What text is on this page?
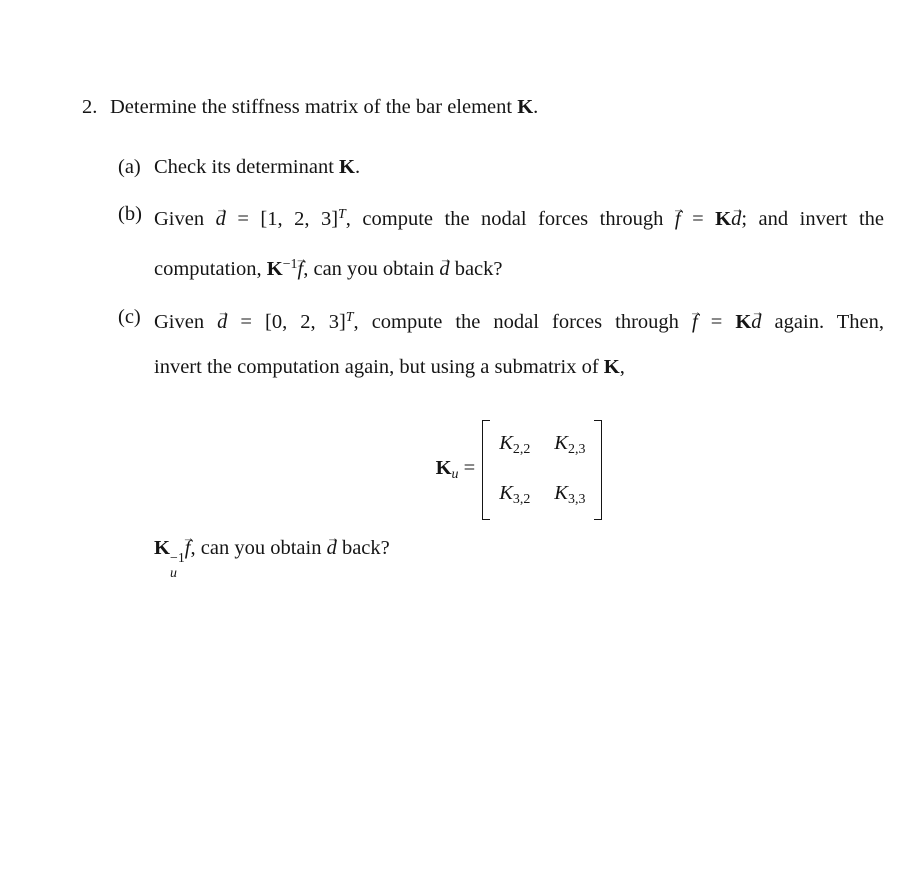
2. Determine the stiffness matrix of the bar element K.
(a) Check its determinant K.
(b) Given d → = [1, 2, 3]$^T$, compute the nodal forces through f → = Kd →; and invert the
computation, $K^{-1}f$ →, can you obtain d → back?
(c) Given d → = [0, 2, 3]$^T$, compute the nodal forces through f → = Kd → again. Then,
invert the computation again, but using a submatrix of K,
$K_u$ =
$K_{2,2}$ $K_{2,3}$
$K_{3,2}$ $K_{3,3}$
K −1
u
f →, can you obtain d → back?
